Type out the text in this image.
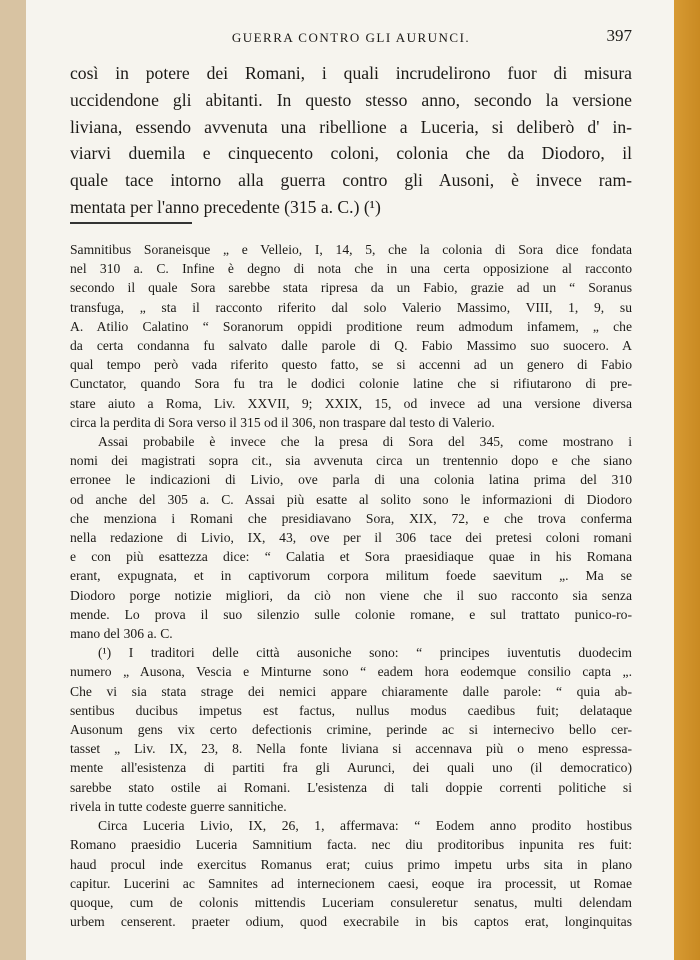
GUERRA CONTRO GLI AURUNCI.	397
così in potere dei Romani, i quali incrudelirono fuor di misura
uccidendone gli abitanti. In questo stesso anno, secondo la versione
liviana, essendo avvenuta una ribellione a Luceria, si deliberò d' in-
viarvi duemila e cinquecento coloni, colonia che da Diodoro, il
quale tace intorno alla guerra contro gli Ausoni, è invece ram-
mentata per l'anno precedente (315 a. C.) (¹)
Samnitibus Soraneisque „ e Velleio, I, 14, 5, che la colonia di Sora dice fondata
nel 310 a. C. Infine è degno di nota che in una certa opposizione al racconto
secondo il quale Sora sarebbe stata ripresa da un Fabio, grazie ad un “ Soranus
transfuga, „ sta il racconto riferito dal solo Valerio Massimo, VIII, 1, 9, su
A. Atilio Calatino “ Soranorum oppidi proditione reum admodum infamem, „ che
da certa condanna fu salvato dalle parole di Q. Fabio Massimo suo suocero. A
qual tempo però vada riferito questo fatto, se si accenni ad un genero di Fabio
Cunctator, quando Sora fu tra le dodici colonie latine che si rifiutarono di pre-
stare aiuto a Roma, Liv. XXVII, 9; XXIX, 15, od invece ad una versione diversa
circa la perdita di Sora verso il 315 od il 306, non traspare dal testo di Valerio.
Assai probabile è invece che la presa di Sora del 345, come mostrano i
nomi dei magistrati sopra cit., sia avvenuta circa un trentennio dopo e che siano
erronee le indicazioni di Livio, ove parla di una colonia latina prima del 310
od anche del 305 a. C. Assai più esatte al solito sono le informazioni di Diodoro
che menziona i Romani che presidiavano Sora, XIX, 72, e che trova conferma
nella redazione di Livio, IX, 43, ove per il 306 tace dei pretesi coloni romani
e con più esattezza dice: “ Calatia et Sora praesidiaque quae in his Romana
erant, expugnata, et in captivorum corpora militum foede saevitum „. Ma se
Diodoro porge notizie migliori, da ciò non viene che il suo racconto sia senza
mende. Lo prova il suo silenzio sulle colonie romane, e sul trattato punico-ro-
mano del 306 a. C.
(¹) I traditori delle città ausoniche sono: “ principes iuventutis duodecim
numero „ Ausona, Vescia e Minturne sono “ eadem hora eodemque consilio capta „.
Che vi sia stata strage dei nemici appare chiaramente dalle parole: “ quia ab-
sentibus ducibus impetus est factus, nullus modus caedibus fuit; delataque
Ausonum gens vix certo defectionis crimine, perinde ac si internecivo bello cer-
tasset „ Liv. IX, 23, 8. Nella fonte liviana si accennava più o meno espressa-
mente all'esistenza di partiti fra gli Aurunci, dei quali uno (il democratico)
sarebbe stato ostile ai Romani. L'esistenza di tali doppie correnti politiche si
rivela in tutte codeste guerre sannitiche.
Circa Luceria Livio, IX, 26, 1, affermava: “ Eodem anno prodito hostibus
Romano praesidio Luceria Samnitium facta. nec diu proditoribus inpunita res fuit:
haud procul inde exercitus Romanus erat; cuius primo impetu urbs sita in plano
capitur. Lucerini ac Samnites ad internecionem caesi, eoque ira processit, ut Romae
quoque, cum de colonis mittendis Luceriam consuleretur senatus, multi delendam
urbem censerent. praeter odium, quod execrabile in bis captos erat, longinquitas
